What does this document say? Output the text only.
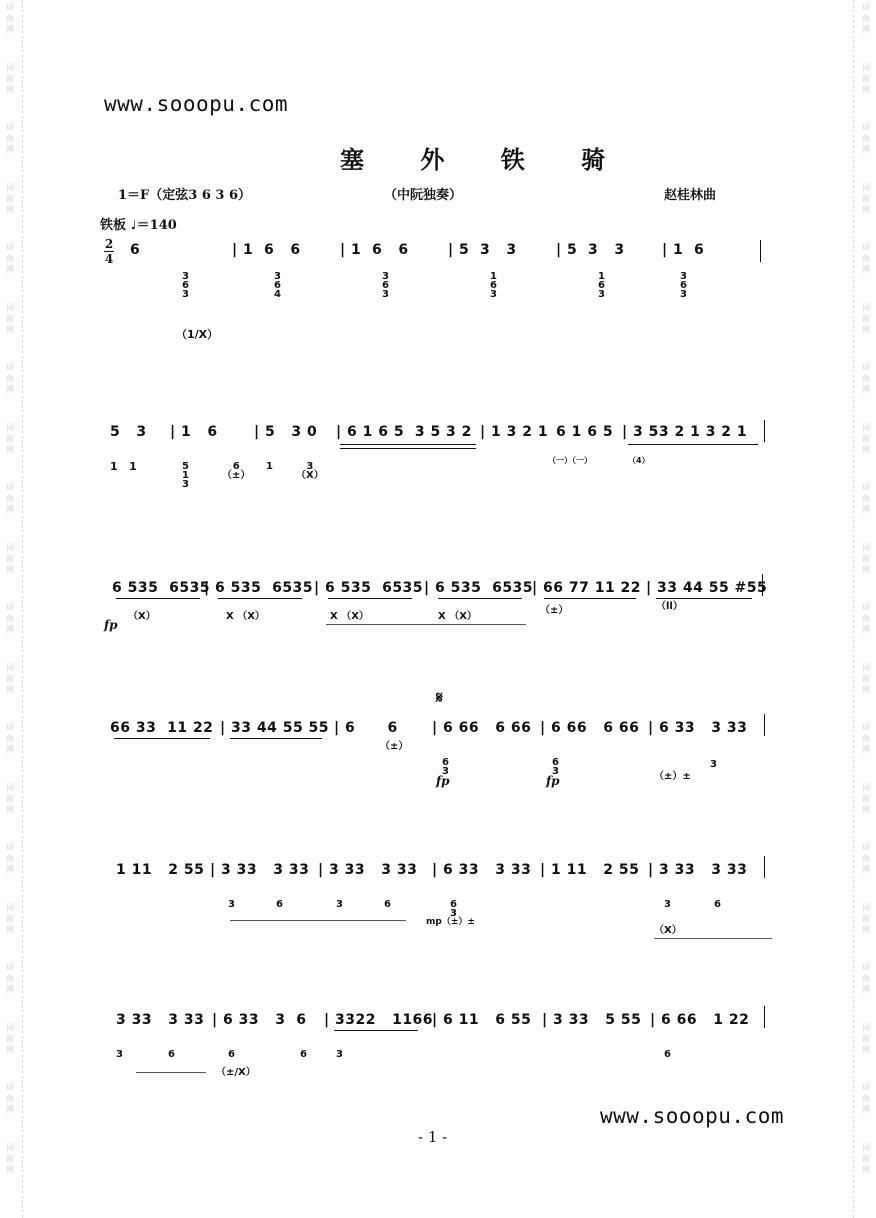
词
曲
网
词
曲
网
词
曲
网
词
曲
网
词
曲
网
词
曲
网
词
曲
网
词
曲
网
词
曲
网
词
曲
网
词
曲
网
词
曲
网
词
曲
网
词
曲
网
词
曲
网
词
曲
网
词
曲
网
词
曲
网
词
曲
网
词
曲
网
词
曲
网
词
曲
网
词
曲
网
词
曲
网
词
曲
网
词
曲
网
词
曲
网
词
曲
网
词
曲
网
词
曲
网
词
曲
网
词
曲
网
词
曲
网
词
曲
网
词
曲
网
词
曲
网
词
曲
网
词
曲
网
词
曲
网
词
曲
网
www.sooopu.com
塞 外 铁 骑
1＝F（定弦3 6 3 6）	（中阮独奏）	赵桂林曲
铁板 ♩＝140
2
4
6	| 1  6   6	| 1  6   6	| 5  3   3	| 5  3   3	| 1  6
3
6
3
3
6
4
3
6
3
1
6
3
1
6
3
3
6
3
（1/X）
5   3 | 1   6	| 5   3 0 | 6 1 6 5  3 5 3 2 | 1 3 2 1 6 1 6 5 | 3 53 2 1 3 2 1
1   1	5
1
3
6
（±）
1	3
（X）
（一）（一）	（4）
6 535  6535
| 6 535  6535 | 6 535  6535 | 6 535  6535
| 66 77 11 22 | 33 44 55 #55
（X）	X （X）	X （X）	X （X）
（±）	（ll）
fp
𝄋
66 33  11 22 | 33 44 55 55 | 6      6 | 6 66   6 66 | 6 66   6 66 | 6 33   3 33
6
3
6
3
3
（±）
fp	fp	（±）±
1 11   2 55 | 3 33   3 33 | 3 33   3 33 | 6 33   3 33 | 1 11   2 55 | 3 33   3 33
3	6	3	6	6
3
3	6
mp（±）±
（X）
3 33   3 33 | 6 33   3  6 | 3322   1166
| 6 11   6 55 | 3 33   5 55 | 6 66   1 22
3	6	6	6	3	6
（±/X）
www.sooopu.com
- 1 -
